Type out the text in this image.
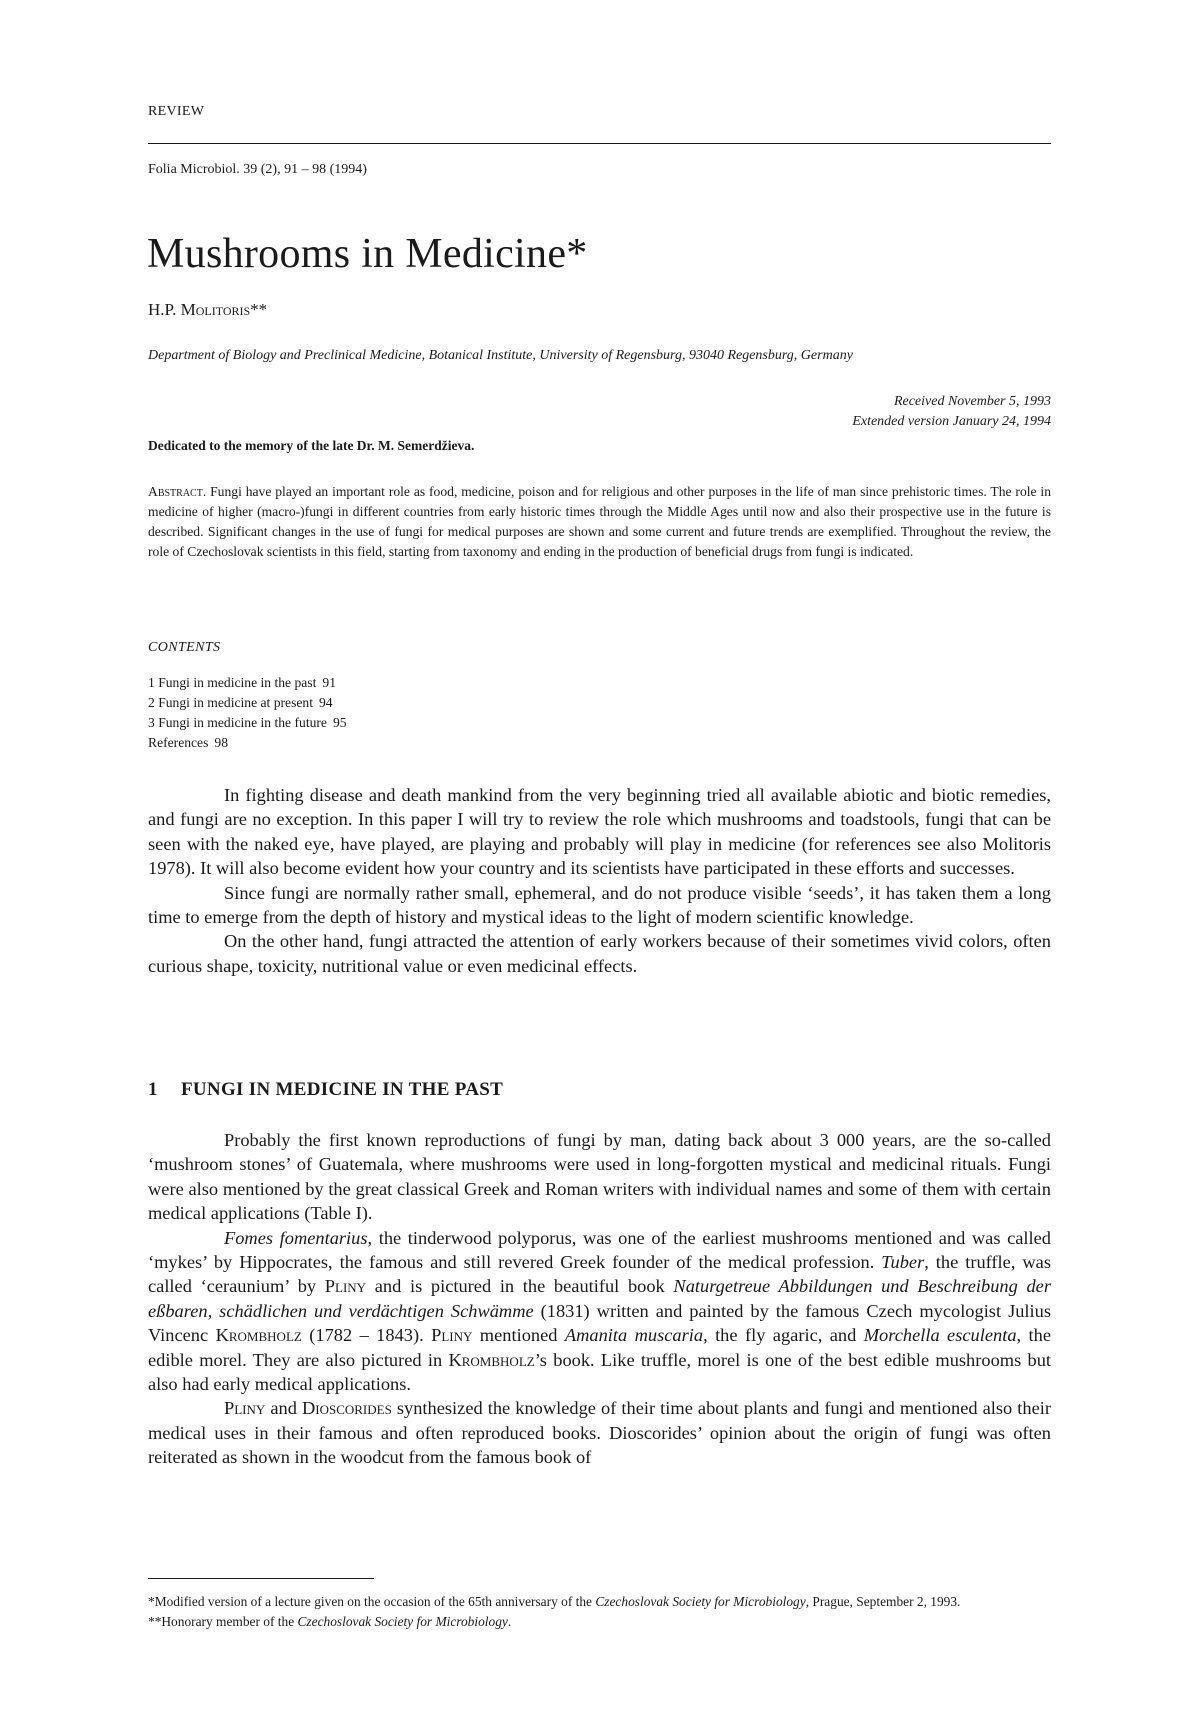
REVIEW
Folia Microbiol. 39 (2), 91 – 98 (1994)
Mushrooms in Medicine*
H.P. Molitoris**
Department of Biology and Preclinical Medicine, Botanical Institute, University of Regensburg, 93040 Regensburg, Germany
Received November 5, 1993
Extended version January 24, 1994
Dedicated to the memory of the late Dr. M. Semerdžieva.
Abstract. Fungi have played an important role as food, medicine, poison and for religious and other purposes in the life of man since prehistoric times. The role in medicine of higher (macro-)fungi in different countries from early historic times through the Middle Ages until now and also their prospective use in the future is described. Significant changes in the use of fungi for medical purposes are shown and some current and future trends are exemplified. Throughout the review, the role of Czechoslovak scientists in this field, starting from taxonomy and ending in the production of beneficial drugs from fungi is indicated.
CONTENTS
1 Fungi in medicine in the past 91
2 Fungi in medicine at present 94
3 Fungi in medicine in the future 95
References 98

In fighting disease and death mankind from the very beginning tried all available abiotic and biotic remedies, and fungi are no exception. In this paper I will try to review the role which mushrooms and toadstools, fungi that can be seen with the naked eye, have played, are playing and probably will play in medicine (for references see also Molitoris 1978). It will also become evident how your country and its scientists have participated in these efforts and successes.

Since fungi are normally rather small, ephemeral, and do not produce visible ‘seeds’, it has taken them a long time to emerge from the depth of history and mystical ideas to the light of modern scientific knowledge.

On the other hand, fungi attracted the attention of early workers because of their sometimes vivid colors, often curious shape, toxicity, nutritional value or even medicinal effects.

1 FUNGI IN MEDICINE IN THE PAST

Probably the first known reproductions of fungi by man, dating back about 3 000 years, are the so-called ‘mushroom stones’ of Guatemala, where mushrooms were used in long-forgotten mystical and medicinal rituals. Fungi were also mentioned by the great classical Greek and Roman writers with individual names and some of them with certain medical applications (Table I).

Fomes fomentarius, the tinderwood polyporus, was one of the earliest mushrooms mentioned and was called ‘mykes’ by Hippocrates, the famous and still revered Greek founder of the medical profession. Tuber, the truffle, was called ‘ceraunium’ by Pliny and is pictured in the beautiful book Naturgetreue Abbildungen und Beschreibung der eßbaren, schädlichen und verdächtigen Schwämme (1831) written and painted by the famous Czech mycologist Julius Vincenc Krombholz (1782 – 1843). Pliny mentioned Amanita muscaria, the fly agaric, and Morchella esculenta, the edible morel. They are also pictured in Krombholz’s book. Like truffle, morel is one of the best edible mushrooms but also had early medical applications.

Pliny and Dioscorides synthesized the knowledge of their time about plants and fungi and mentioned also their medical uses in their famous and often reproduced books. Dioscorides’ opinion about the origin of fungi was often reiterated as shown in the woodcut from the famous book of

*Modified version of a lecture given on the occasion of the 65th anniversary of the Czechoslovak Society for Microbiology, Prague, September 2, 1993.

**Honorary member of the Czechoslovak Society for Microbiology.
